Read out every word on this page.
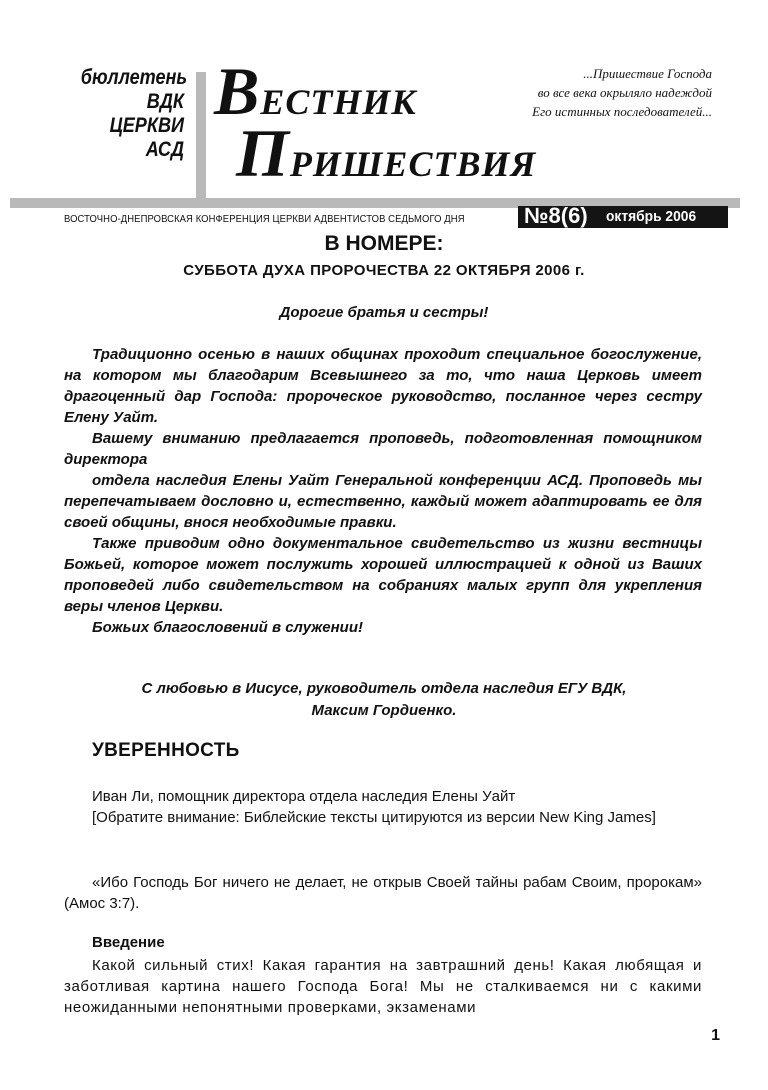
бюллетень
ВДК
ЦЕРКВИ
АСД
ВЕСТНИК
ПРИШЕСТВИЯ
...Пришествие Господа
во все века окрыляло надеждой
Его истинных последователей...
ВОСТОЧНО-ДНЕПРОВСКАЯ КОНФЕРЕНЦИЯ ЦЕРКВИ АДВЕНТИСТОВ СЕДЬМОГО ДНЯ	№8(6) октябрь 2006
В НОМЕРЕ:
СУББОТА ДУХА ПРОРОЧЕСТВА 22 ОКТЯБРЯ 2006 г.
Дорогие братья и сестры!

Традиционно осенью в наших общинах проходит специальное богослужение, на котором мы благодарим Всевышнего за то, что наша Церковь имеет драгоценный дар Господа: пророческое руководство, посланное через сестру Елену Уайт.

Вашему вниманию предлагается проповедь, подготовленная помощником директора

отдела наследия Елены Уайт Генеральной конференции АСД. Проповедь мы перепечатываем дословно и, естественно, каждый может адаптировать ее для своей общины, внося необходимые правки.

Также приводим одно документальное свидетельство из жизни вестницы Божьей, которое может послужить хорошей иллюстрацией к одной из Ваших проповедей либо свидетельством на собраниях малых групп для укрепления веры членов Церкви.

Божьих благословений в служении!

С любовью в Иисусе, руководитель отдела наследия ЕГУ ВДК,
Максим Гордиенко.
УВЕРЕННОСТЬ

Иван Ли, помощник директора отдела наследия Елены Уайт

[Обратите внимание: Библейские тексты цитируются из версии New King James]

«Ибо Господь Бог ничего не делает, не открыв Своей тайны рабам Своим, пророкам» (Амос 3:7).

Введение

Какой сильный стих! Какая гарантия на завтрашний день! Какая любящая и заботливая картина нашего Господа Бога! Мы не сталкиваемся ни с какими неожиданными непонятными проверками, экзаменами

1
